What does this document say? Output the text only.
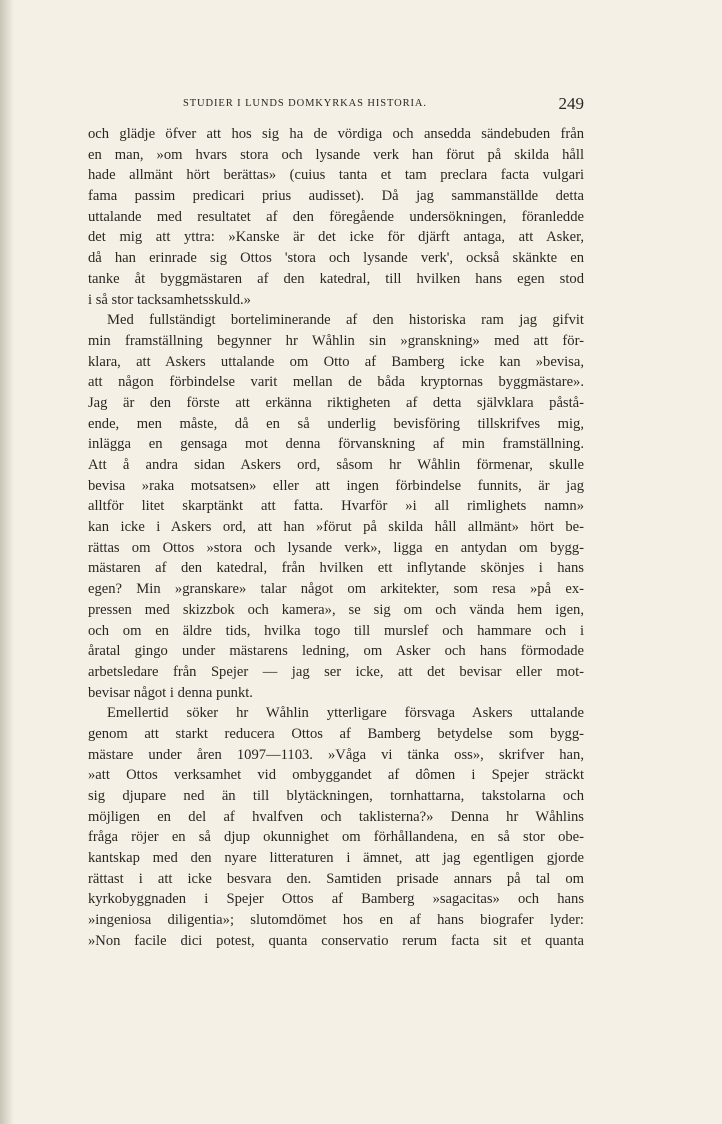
STUDIER I LUNDS DOMKYRKAS HISTORIA.	249
och glädje öfver att hos sig ha de vördiga och ansedda sändebuden från
en man, »om hvars stora och lysande verk han förut på skilda håll
hade allmänt hört berättas» (cuius tanta et tam preclara facta vulgari
fama passim predicari prius audisset). Då jag sammanställde detta
uttalande med resultatet af den föregående undersökningen, föranledde
det mig att yttra: »Kanske är det icke för djärft antaga, att Asker,
då han erinrade sig Ottos 'stora och lysande verk', också skänkte en
tanke åt byggmästaren af den katedral, till hvilken hans egen stod
i så stor tacksamhetsskuld.»
Med fullständigt borteliminerande af den historiska ram jag gifvit
min framställning begynner hr Wåhlin sin »granskning» med att för-
klara, att Askers uttalande om Otto af Bamberg icke kan »bevisa,
att någon förbindelse varit mellan de båda kryptornas byggmästare».
Jag är den förste att erkänna riktigheten af detta självklara påstå-
ende, men måste, då en så underlig bevisföring tillskrifves mig,
inlägga en gensaga mot denna förvanskning af min framställning.
Att å andra sidan Askers ord, såsom hr Wåhlin förmenar, skulle
bevisa »raka motsatsen» eller att ingen förbindelse funnits, är jag
alltför litet skarptänkt att fatta. Hvarför »i all rimlighets namn»
kan icke i Askers ord, att han »förut på skilda håll allmänt» hört be-
rättas om Ottos »stora och lysande verk», ligga en antydan om bygg-
mästaren af den katedral, från hvilken ett inflytande skönjes i hans
egen? Min »granskare» talar något om arkitekter, som resa »på ex-
pressen med skizzbok och kamera», se sig om och vända hem igen,
och om en äldre tids, hvilka togo till murslef och hammare och i
åratal gingo under mästarens ledning, om Asker och hans förmodade
arbetsledare från Spejer — jag ser icke, att det bevisar eller mot-
bevisar något i denna punkt.
Emellertid söker hr Wåhlin ytterligare försvaga Askers uttalande
genom att starkt reducera Ottos af Bamberg betydelse som bygg-
mästare under åren 1097—1103. »Våga vi tänka oss», skrifver han,
»att Ottos verksamhet vid ombyggandet af dômen i Spejer sträckt
sig djupare ned än till blytäckningen, tornhattarna, takstolarna och
möjligen en del af hvalfven och taklisterna?» Denna hr Wåhlins
fråga röjer en så djup okunnighet om förhållandena, en så stor obe-
kantskap med den nyare litteraturen i ämnet, att jag egentligen gjorde
rättast i att icke besvara den. Samtiden prisade annars på tal om
kyrkobyggnaden i Spejer Ottos af Bamberg »sagacitas» och hans
»ingeniosa diligentia»; slutomdömet hos en af hans biografer lyder:
»Non facile dici potest, quanta conservatio rerum facta sit et quanta
